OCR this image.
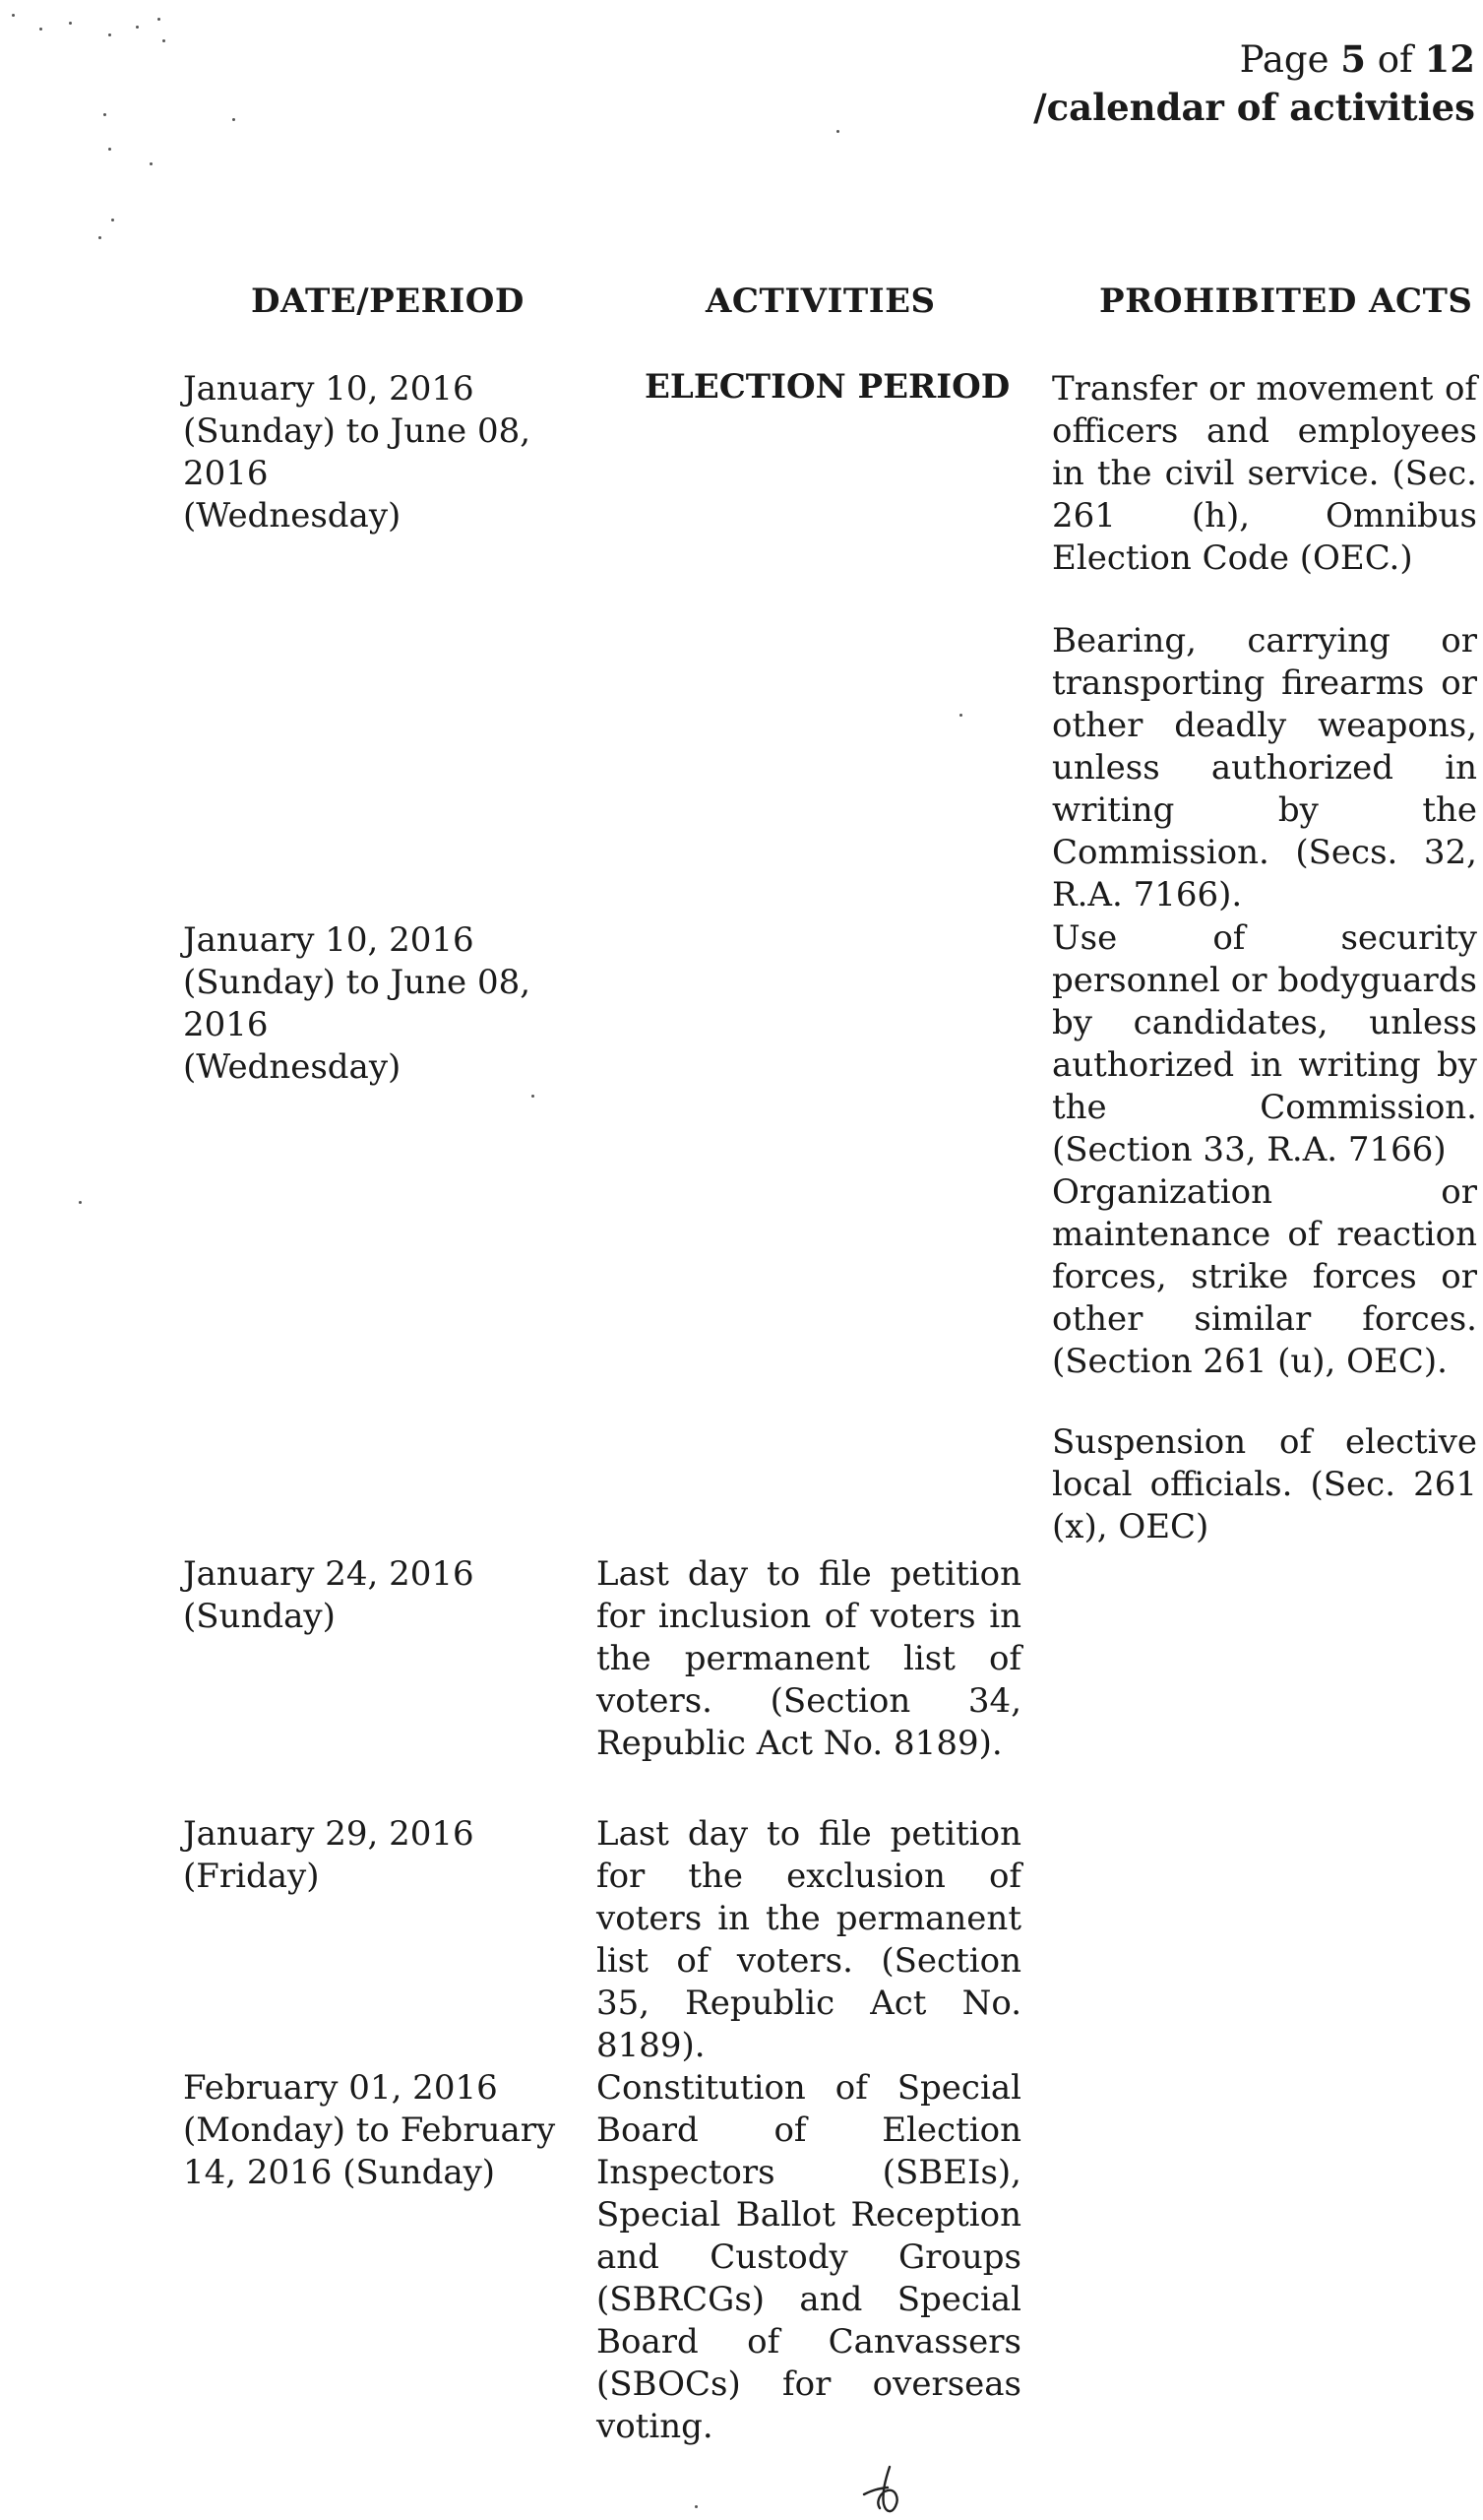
Page 5 of 12
/calendar of activities
DATE/PERIOD	ACTIVITIES	PROHIBITED ACTS
January 10, 2016
(Sunday) to June 08, 2016
(Wednesday)
ELECTION PERIOD Transfer or movement of officers and employees in the civil service. (Sec. 261 (h), Omnibus Election Code (OEC.)
Bearing, carrying or transporting firearms or other deadly weapons, unless authorized in writing by the Commission. (Secs. 32, R.A. 7166).
Use of security personnel or bodyguards by candidates, unless authorized in writing by the Commission. (Section 33, R.A. 7166)
Organization or maintenance of reaction forces, strike forces or other similar forces. (Section 261 (u), OEC).
Suspension of elective local officials. (Sec. 261 (x), OEC)
January 10, 2016
(Sunday) to June 08, 2016
(Wednesday)
January 24, 2016
(Sunday)
Last day to file petition for inclusion of voters in the permanent list of voters. (Section 34, Republic Act No. 8189).
January 29, 2016
(Friday)
Last day to file petition for the exclusion of voters in the permanent list of voters. (Section 35, Republic Act No. 8189).
February 01, 2016
(Monday) to February
14, 2016 (Sunday)
Constitution of Special Board of Election Inspectors (SBEIs), Special Ballot Reception and Custody Groups (SBRCGs) and Special Board of Canvassers (SBOCs) for overseas voting.
